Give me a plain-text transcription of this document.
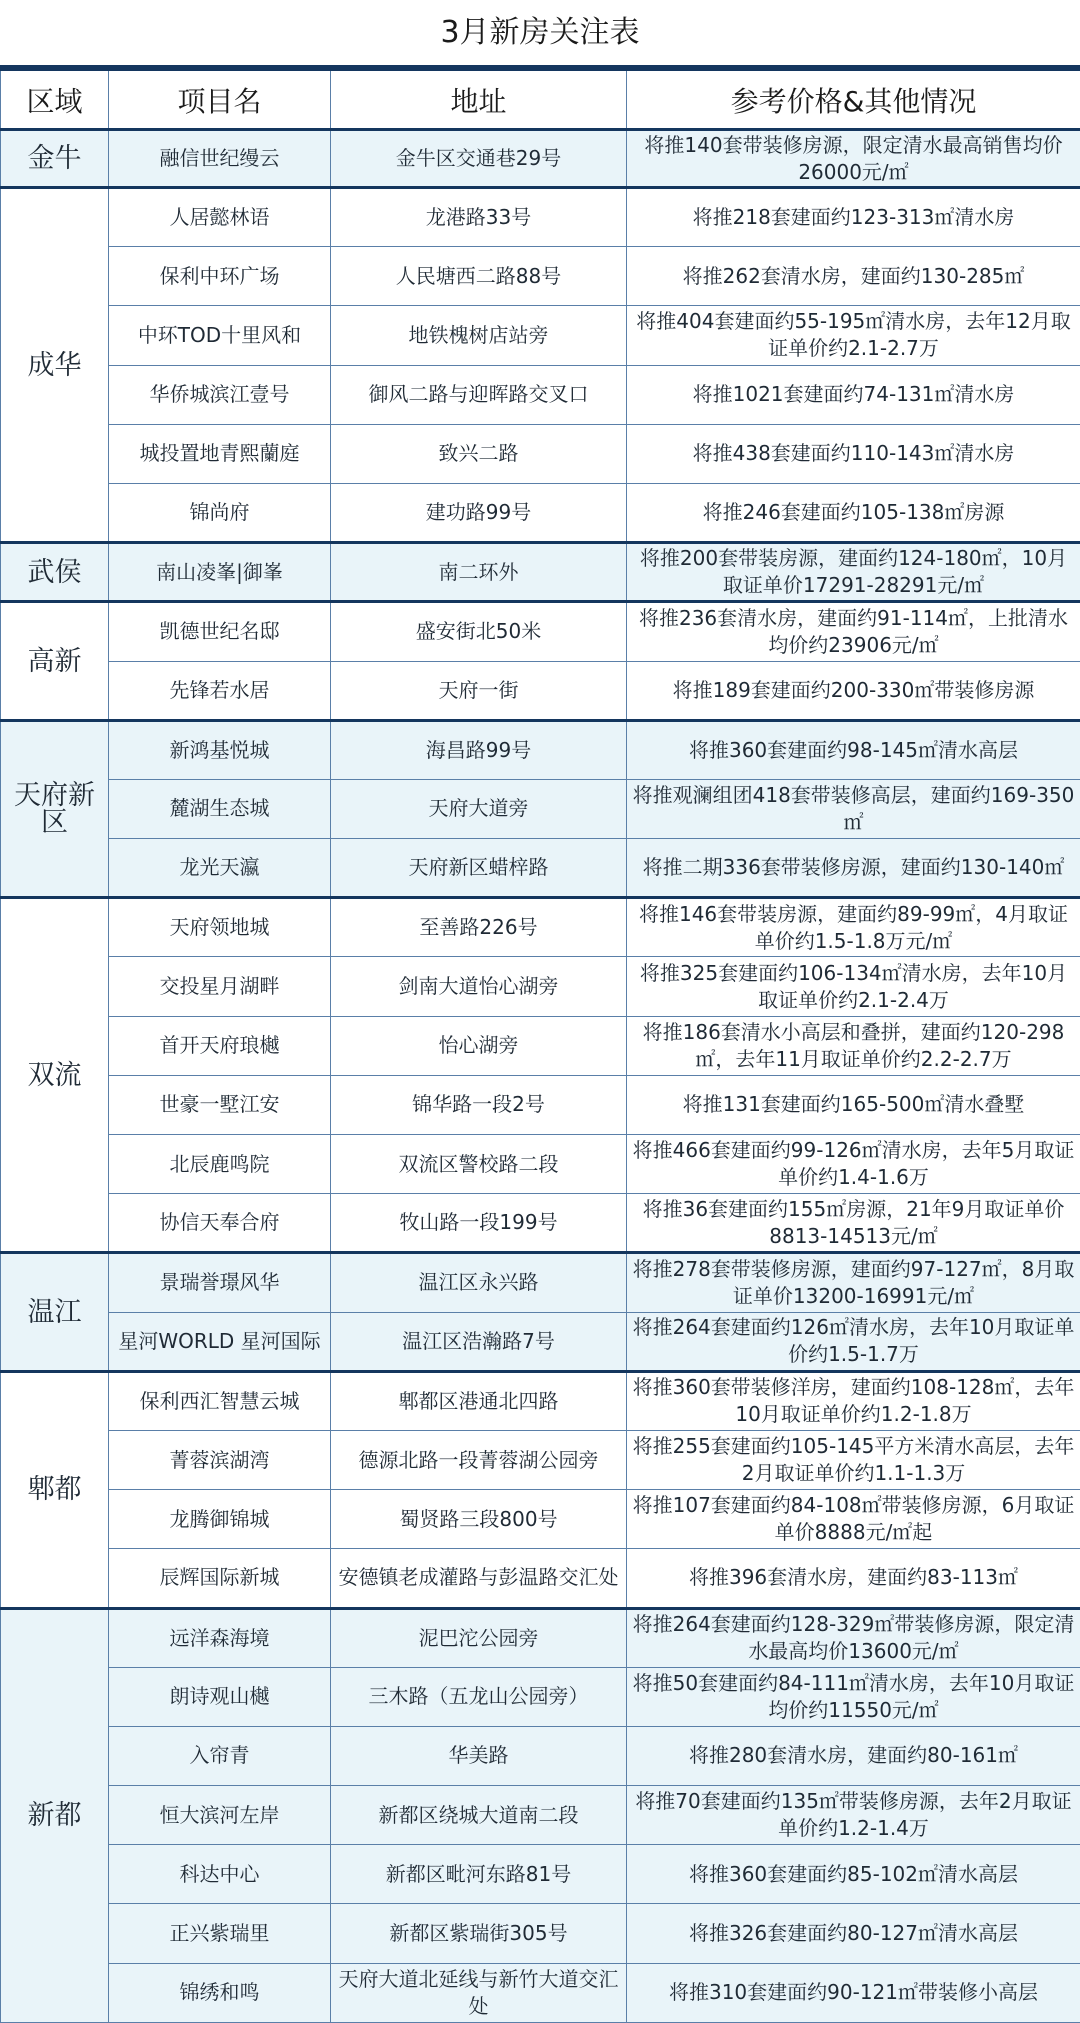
3月新房关注表
区域	项目名	地址	参考价格&其他情况
金牛	融信世纪缦云	金牛区交通巷29号	将推140套带装修房源，限定清水最高销售均价26000元/㎡
成华	人居懿林语	龙港路33号	将推218套建面约123-313㎡清水房
	保利中环广场	人民塘西二路88号	将推262套清水房，建面约130-285㎡
	中环TOD十里风和	地铁槐树店站旁	将推404套建面约55-195㎡清水房，去年12月取证单价约2.1-2.7万
	华侨城滨江壹号	御风二路与迎晖路交叉口	将推1021套建面约74-131㎡清水房
	城投置地青熙蘭庭	致兴二路	将推438套建面约110-143㎡清水房
	锦尚府	建功路99号	将推246套建面约105-138㎡房源
武侯	南山凌峯|御峯	南二环外	将推200套带装房源，建面约124-180㎡，10月取证单价17291-28291元/㎡
高新	凯德世纪名邸	盛安街北50米	将推236套清水房，建面约91-114㎡，上批清水均价约23906元/㎡
	先锋若水居	天府一街	将推189套建面约200-330㎡带装修房源
天府新区	新鸿基悦城	海昌路99号	将推360套建面约98-145㎡清水高层
	麓湖生态城	天府大道旁	将推观澜组团418套带装修高层，建面约169-350㎡
	龙光天瀛	天府新区蜡梓路	将推二期336套带装修房源，建面约130-140㎡
双流	天府领地城	至善路226号	将推146套带装房源，建面约89-99㎡，4月取证单价约1.5-1.8万元/㎡
	交投星月湖畔	剑南大道怡心湖旁	将推325套建面约106-134㎡清水房，去年10月取证单价约2.1-2.4万
	首开天府琅樾	怡心湖旁	将推186套清水小高层和叠拼，建面约120-298㎡，去年11月取证单价约2.2-2.7万
	世豪一墅江安	锦华路一段2号	将推131套建面约165-500㎡清水叠墅
	北辰鹿鸣院	双流区警校路二段	将推466套建面约99-126㎡清水房，去年5月取证单价约1.4-1.6万
	协信天奉合府	牧山路一段199号	将推36套建面约155㎡房源，21年9月取证单价8813-14513元/㎡
温江	景瑞誉璟风华	温江区永兴路	将推278套带装修房源，建面约97-127㎡，8月取证单价13200-16991元/㎡
	星河WORLD 星河国际	温江区浩瀚路7号	将推264套建面约126㎡清水房，去年10月取证单价约1.5-1.7万
郫都	保利西汇智慧云城	郫都区港通北四路	将推360套带装修洋房，建面约108-128㎡，去年10月取证单价约1.2-1.8万
	菁蓉滨湖湾	德源北路一段菁蓉湖公园旁	将推255套建面约105-145平方米清水高层，去年2月取证单价约1.1-1.3万
	龙腾御锦城	蜀贤路三段800号	将推107套建面约84-108㎡带装修房源，6月取证单价8888元/㎡起
	辰辉国际新城	安德镇老成灌路与彭温路交汇处	将推396套清水房，建面约83-113㎡
新都	远洋森海境	泥巴沱公园旁	将推264套建面约128-329㎡带装修房源，限定清水最高均价13600元/㎡
	朗诗观山樾	三木路（五龙山公园旁）	将推50套建面约84-111㎡清水房，去年10月取证均价约11550元/㎡
	入帘青	华美路	将推280套清水房，建面约80-161㎡
	恒大滨河左岸	新都区绕城大道南二段	将推70套建面约135㎡带装修房源，去年2月取证单价约1.2-1.4万
	科达中心	新都区毗河东路81号	将推360套建面约85-102㎡清水高层
	正兴紫瑞里	新都区紫瑞街305号	将推326套建面约80-127㎡清水高层
	锦绣和鸣	天府大道北延线与新竹大道交汇处	将推310套建面约90-121㎡带装修小高层
